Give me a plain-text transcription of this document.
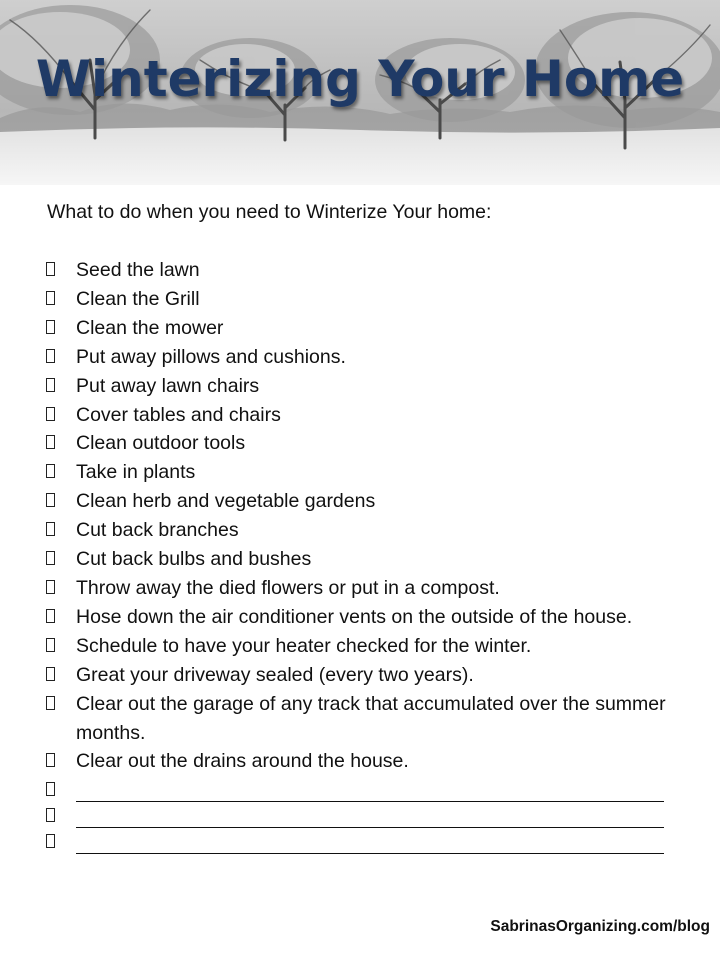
Winterizing Your Home
What to do when you need to Winterize Your home:
Seed the lawn
Clean the Grill
Clean the mower
Put away pillows and cushions.
Put away lawn chairs
Cover tables and chairs
Clean outdoor tools
Take in plants
Clean herb and vegetable gardens
Cut back branches
Cut back bulbs and bushes
Throw away the died flowers or put in a compost.
Hose down the air conditioner vents on the outside of the house.
Schedule to have your heater checked for the winter.
Great your driveway sealed (every two years).
Clear out the garage of any track that accumulated over the summer months.
Clear out the drains around the house.
SabrinasOrganizing.com/blog
